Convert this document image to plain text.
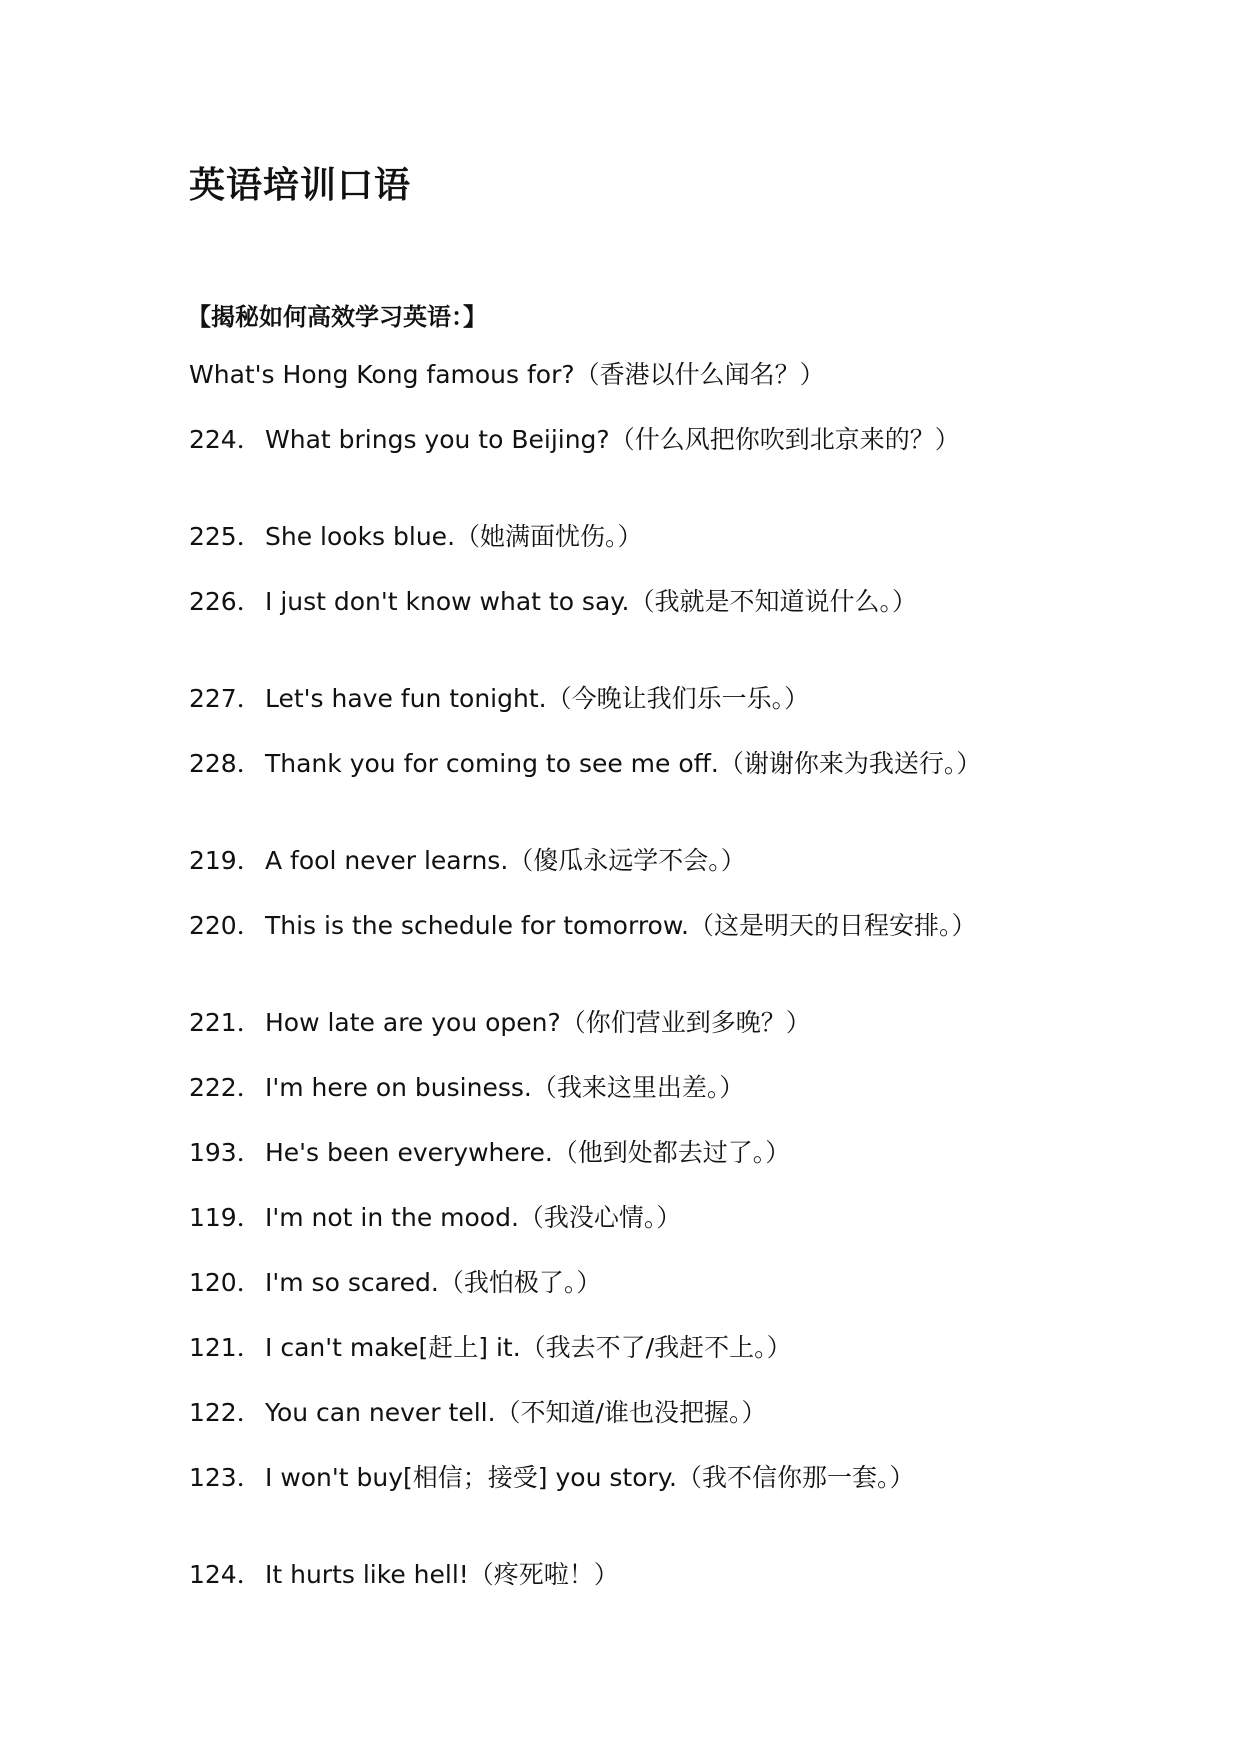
英语培训口语
【揭秘如何高效学习英语：】
What's Hong Kong famous for?（香港以什么闻名？）
224． What brings you to Beijing?（什么风把你吹到北京来的？）
225． She looks blue.（她满面忧伤。）
226． I just don't know what to say.（我就是不知道说什么。）
227． Let's have fun tonight.（今晚让我们乐一乐。）
228． Thank you for coming to see me off.（谢谢你来为我送行。）
219． A fool never learns.（傻瓜永远学不会。）
220． This is the schedule for tomorrow.（这是明天的日程安排。）
221． How late are you open?（你们营业到多晚？）
222． I'm here on business.（我来这里出差。）
193． He's been everywhere.（他到处都去过了。）
119． I'm not in the mood.（我没心情。）
120． I'm so scared.（我怕极了。）
121． I can't make[赶上] it.（我去不了/我赶不上。）
122． You can never tell.（不知道/谁也没把握。）
123． I won't buy[相信；接受] you story.（我不信你那一套。）
124． It hurts like hell!（疼死啦！）
